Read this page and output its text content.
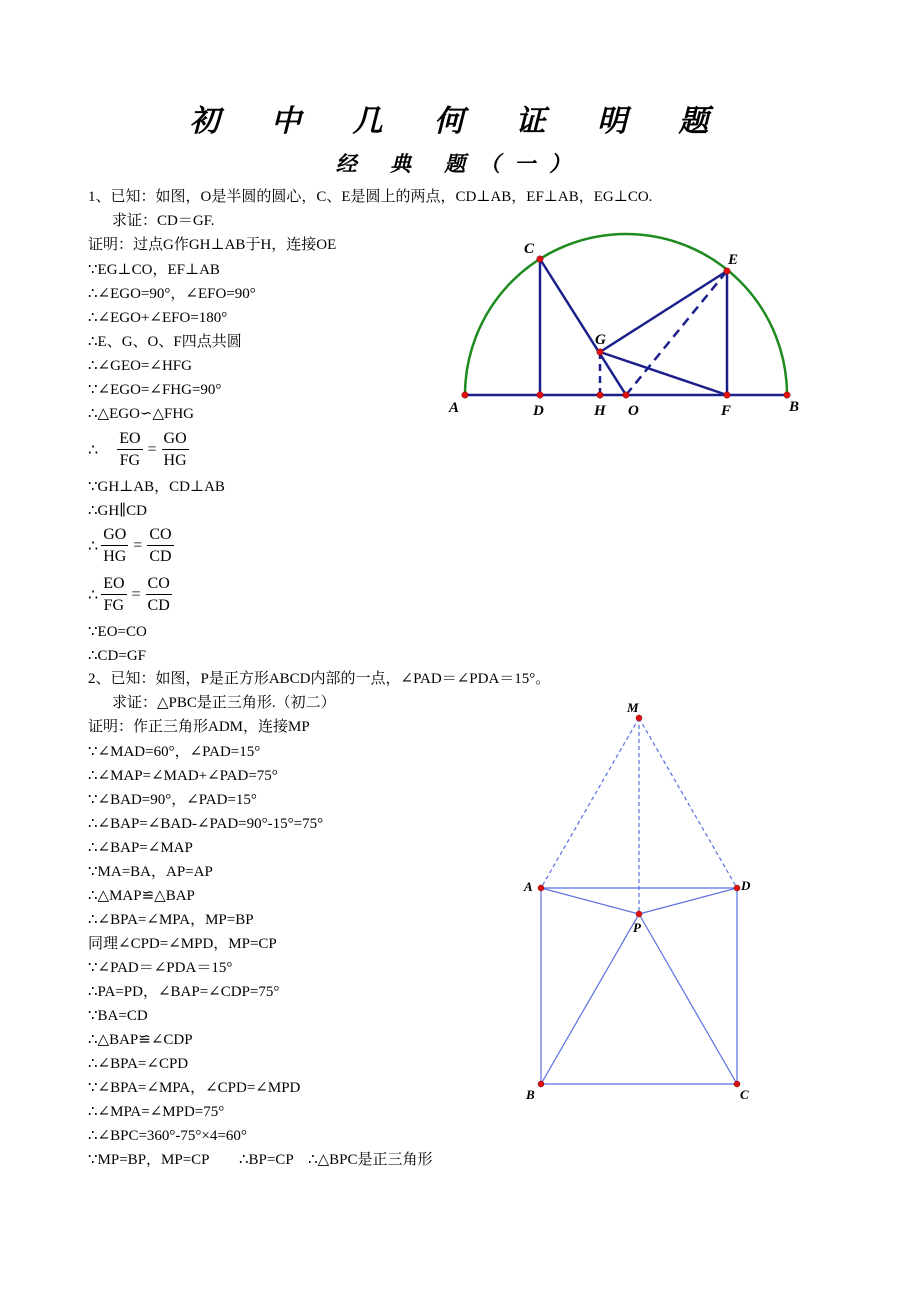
初 中 几 何 证 明 题
经 典 题（一）
1、已知：如图，O是半圆的圆心，C、E是圆上的两点，CD⊥AB，EF⊥AB，EG⊥CO.
求证：CD＝GF.
证明：过点G作GH⊥AB于H，连接OE
∵EG⊥CO，EF⊥AB
∴∠EGO=90°，∠EFO=90°
∴∠EGO+∠EFO=180°
∴E、G、O、F四点共圆
∴∠GEO=∠HFG
∵∠EGO=∠FHG=90°
∴△EGO∽△FHG
∴ $\frac{EO}{FG} = \frac{GO}{HG}$
∵GH⊥AB，CD⊥AB
∴GH∥CD
∴ $\frac{GO}{HG} = \frac{CO}{CD}$
∴ $\frac{EO}{FG} = \frac{CO}{CD}$
∵EO=CO
∴CD=GF
A	D	H O	F	B
C
E
G
2、已知：如图，P是正方形ABCD内部的一点，∠PAD＝∠PDA＝15°。
求证：△PBC是正三角形.（初二）
证明：作正三角形ADM，连接MP
∵∠MAD=60°，∠PAD=15°
∴∠MAP=∠MAD+∠PAD=75°
∵∠BAD=90°，∠PAD=15°
∴∠BAP=∠BAD-∠PAD=90°-15°=75°
∴∠BAP=∠MAP
∵MA=BA，AP=AP
∴△MAP≌△BAP
∴∠BPA=∠MPA，MP=BP
同理∠CPD=∠MPD，MP=CP
∵∠PAD＝∠PDA＝15°
∴PA=PD，∠BAP=∠CDP=75°
∵BA=CD
∴△BAP≌∠CDP
∴∠BPA=∠CPD
∵∠BPA=∠MPA，∠CPD=∠MPD
∴∠MPA=∠MPD=75°
∴∠BPC=360°-75°×4=60°
∵MP=BP，MP=CP　　∴BP=CP　∴△BPC是正三角形
M
A	D
P
B	C
